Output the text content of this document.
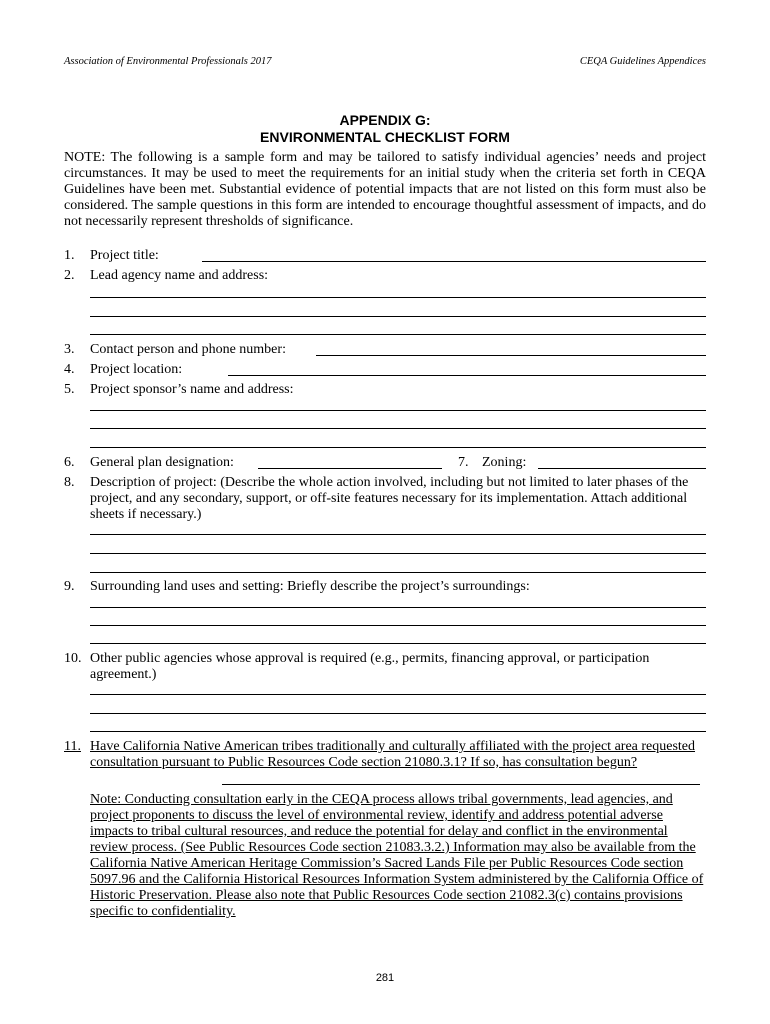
Association of Environmental Professionals 2017	CEQA Guidelines Appendices
APPENDIX G:
ENVIRONMENTAL CHECKLIST FORM
NOTE: The following is a sample form and may be tailored to satisfy individual agencies’ needs and project circumstances. It may be used to meet the requirements for an initial study when the criteria set forth in CEQA Guidelines have been met. Substantial evidence of potential impacts that are not listed on this form must also be considered. The sample questions in this form are intended to encourage thoughtful assessment of impacts, and do not necessarily represent thresholds of significance.
1. Project title:
2. Lead agency name and address:
3. Contact person and phone number:
4. Project location:
5. Project sponsor’s name and address:
6. General plan designation:	7. Zoning:
8. Description of project: (Describe the whole action involved, including but not limited to later phases of the project, and any secondary, support, or off-site features necessary for its implementation. Attach additional sheets if necessary.)
9. Surrounding land uses and setting: Briefly describe the project’s surroundings:
10. Other public agencies whose approval is required (e.g., permits, financing approval, or participation agreement.)
11. Have California Native American tribes traditionally and culturally affiliated with the project area requested consultation pursuant to Public Resources Code section 21080.3.1? If so, has consultation begun?
Note: Conducting consultation early in the CEQA process allows tribal governments, lead agencies, and project proponents to discuss the level of environmental review, identify and address potential adverse impacts to tribal cultural resources, and reduce the potential for delay and conflict in the environmental review process. (See Public Resources Code section 21083.3.2.) Information may also be available from the California Native American Heritage Commission’s Sacred Lands File per Public Resources Code section 5097.96 and the California Historical Resources Information System administered by the California Office of Historic Preservation. Please also note that Public Resources Code section 21082.3(c) contains provisions specific to confidentiality.
281
